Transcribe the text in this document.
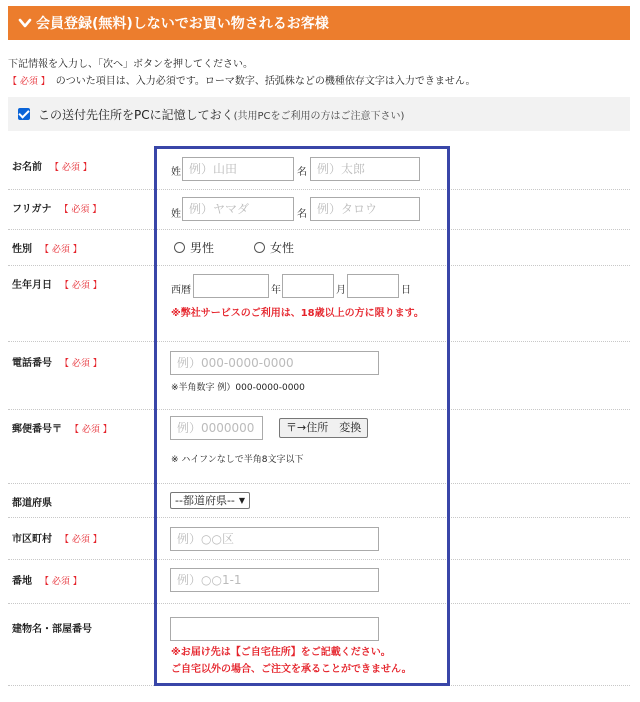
会員登録(無料)しないでお買い物されるお客様
下記情報を入力し、「次へ」ボタンを押してください。
【 必須 】 のついた項目は、入力必須です。ローマ数字、括弧株などの機種依存文字は入力できません。
この送付先住所をPCに記憶しておく (共用PCをご利用の方はご注意下さい)
お名前 【 必須 】	姓 例）山田	名 例）太郎
フリガナ 【 必須 】	姓 例）ヤマダ	名 例）タロウ
性別 【 必須 】	男性	女性
生年月日 【 必須 】	西暦	年	月	日
※弊社サービスのご利用は、18歳以上の方に限ります。
電話番号 【 必須 】	例）000-0000-0000
※半角数字 例）000-0000-0000
郵便番号〒 【 必須 】	例）0000000	〒→住所　変換
※ ハイフンなしで半角8文字以下
都道府県	--都道府県-- ▼
市区町村 【 必須 】	例）○○区
番地 【 必須 】	例）○○1-1
建物名・部屋番号
※お届け先は【ご自宅住所】をご記載ください。
ご自宅以外の場合、ご注文を承ることができません。
